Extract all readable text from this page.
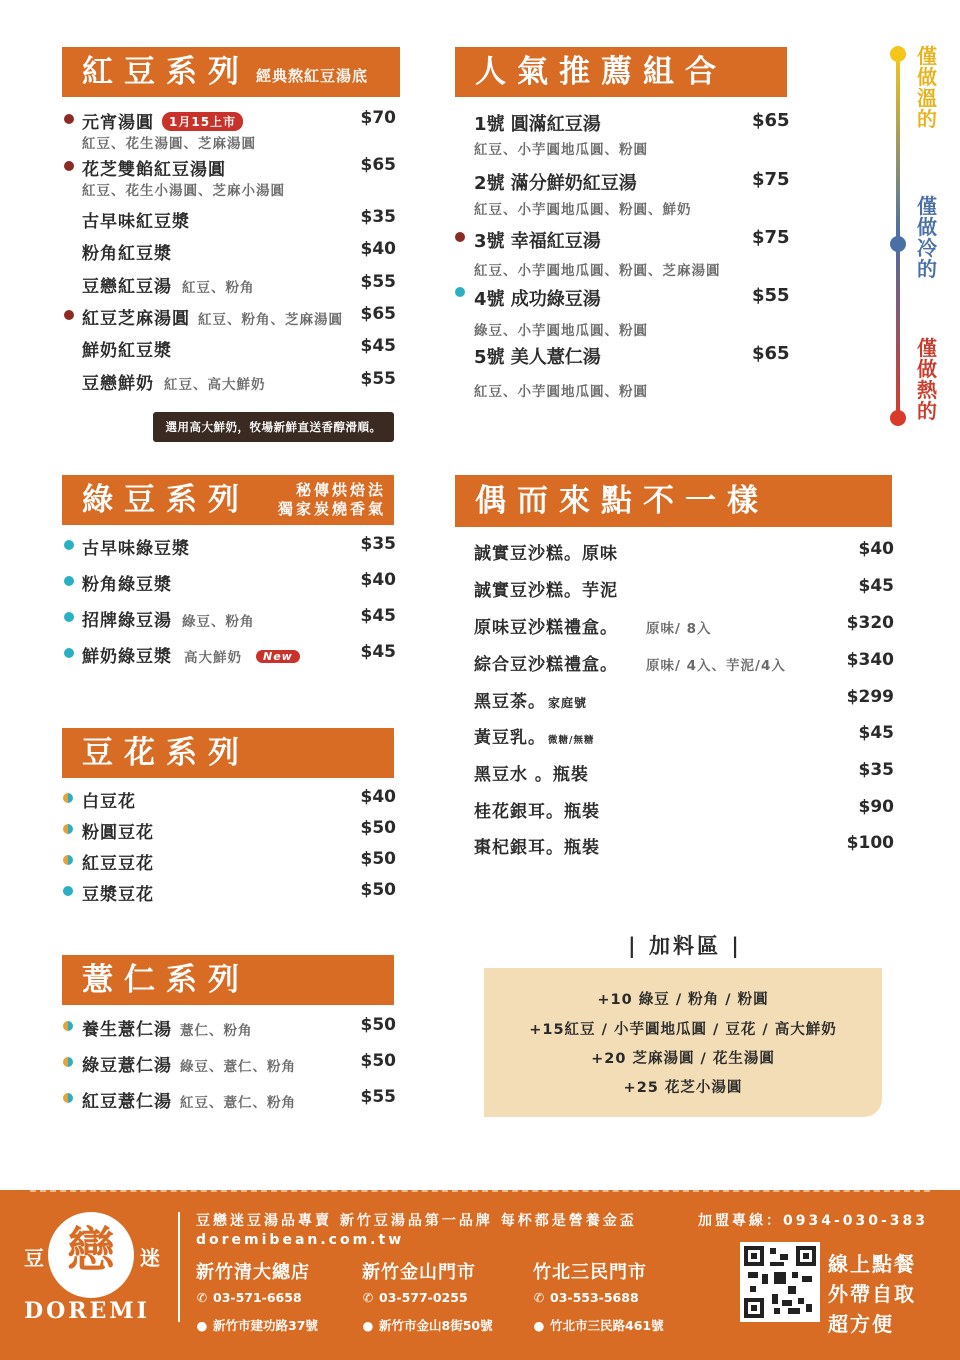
紅豆系列 經典熬紅豆湯底
元宵湯圓 1月15上市	$70
紅豆、花生湯圓、芝麻湯圓
花芝雙餡紅豆湯圓	$65
紅豆、花生小湯圓、芝麻小湯圓
古早味紅豆漿	$35
粉角紅豆漿	$40
豆戀紅豆湯 紅豆、粉角	$55
紅豆芝麻湯圓 紅豆、粉角、芝麻湯圓 $65
鮮奶紅豆漿	$45
豆戀鮮奶 紅豆、高大鮮奶	$55
選用高大鮮奶，牧場新鮮直送香醇滑順。
人氣推薦組合
1號 圓滿紅豆湯	$65
紅豆、小芋圓地瓜圓、粉圓
2號 滿分鮮奶紅豆湯	$75
紅豆、小芋圓地瓜圓、粉圓、鮮奶
3號 幸福紅豆湯	$75
紅豆、小芋圓地瓜圓、粉圓、芝麻湯圓
4號 成功綠豆湯	$55
綠豆、小芋圓地瓜圓、粉圓
5號 美人薏仁湯	$65
紅豆、小芋圓地瓜圓、粉圓
僅做溫的
僅做冷的
僅做熱的
綠豆系列	秘傳烘焙法
獨家炭燒香氣
古早味綠豆漿	$35
粉角綠豆漿	$40
招牌綠豆湯 綠豆、粉角	$45
鮮奶綠豆漿 高大鮮奶 New	$45
偶而來點不一樣
誠實豆沙糕。原味	$40
誠實豆沙糕。芋泥	$45
原味豆沙糕禮盒。 原味/ 8入	$320
綜合豆沙糕禮盒。 原味/ 4入、芋泥/4入	$340
黑豆茶。 家庭號	$299
黃豆乳。 微糖/無糖	$45
黑豆水 。瓶裝	$35
桂花銀耳。瓶裝	$90
棗杞銀耳。瓶裝	$100
豆花系列
白豆花	$40
粉圓豆花	$50
紅豆豆花	$50
豆漿豆花	$50
薏仁系列
養生薏仁湯 薏仁、粉角	$50
綠豆薏仁湯 綠豆、薏仁、粉角	$50
紅豆薏仁湯 紅豆、薏仁、粉角	$55
| 加料區 |
+10 綠豆 / 粉角 / 粉圓
+15紅豆 / 小芋圓地瓜圓 / 豆花 / 高大鮮奶
+20 芝麻湯圓 / 花生湯圓
+25 花芝小湯圓
豆 戀	迷
DOREMI
豆戀迷豆湯品專賣 新竹豆湯品第一品牌 每杯都是營養金盃	加盟專線：0934-030-383
doremibean.com.tw
新竹清大總店
✆ 03-571-6658
● 新竹市建功路37號
新竹金山門市
✆ 03-577-0255
● 新竹市金山8街50號
竹北三民門市
✆ 03-553-5688
● 竹北市三民路461號
線上點餐
外帶自取
超方便
